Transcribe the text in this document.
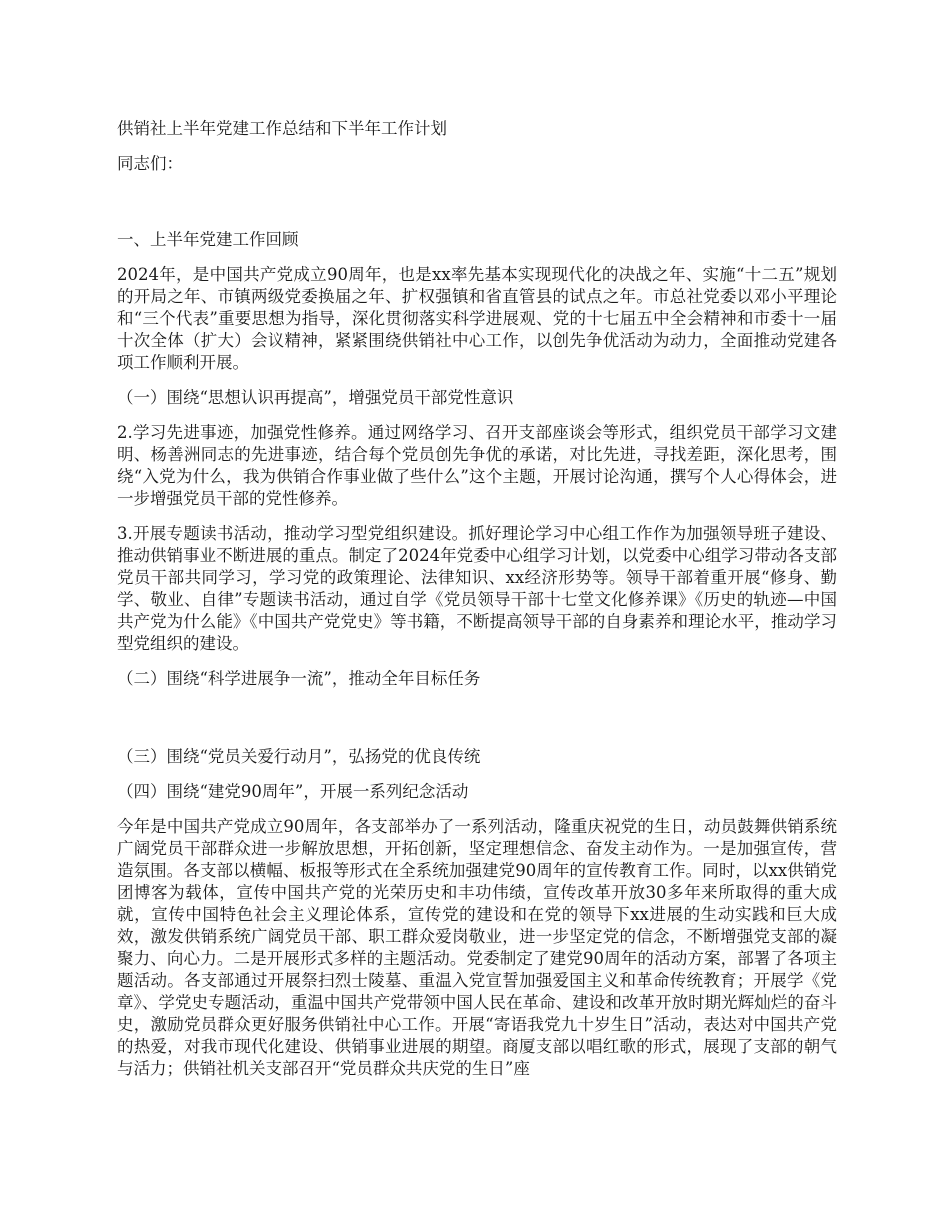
供销社上半年党建工作总结和下半年工作计划

同志们：

一、上半年党建工作回顾

2024年，是中国共产党成立90周年，也是xx率先基本实现现代化的决战之年、实施“十二五”规划的开局之年、市镇两级党委换届之年、扩权强镇和省直管县的试点之年。市总社党委以邓小平理论和“三个代表”重要思想为指导，深化贯彻落实科学进展观、党的十七届五中全会精神和市委十一届十次全体（扩大）会议精神，紧紧围绕供销社中心工作，以创先争优活动为动力，全面推动党建各项工作顺利开展。

（一）围绕“思想认识再提高”，增强党员干部党性意识

2.学习先进事迹，加强党性修养。通过网络学习、召开支部座谈会等形式，组织党员干部学习文建明、杨善洲同志的先进事迹，结合每个党员创先争优的承诺，对比先进，寻找差距，深化思考，围绕“入党为什么，我为供销合作事业做了些什么”这个主题，开展讨论沟通，撰写个人心得体会，进一步增强党员干部的党性修养。

3.开展专题读书活动，推动学习型党组织建设。抓好理论学习中心组工作作为加强领导班子建设、推动供销事业不断进展的重点。制定了2024年党委中心组学习计划，以党委中心组学习带动各支部党员干部共同学习，学习党的政策理论、法律知识、xx经济形势等。领导干部着重开展“修身、勤学、敬业、自律”专题读书活动，通过自学《党员领导干部十七堂文化修养课》《历史的轨迹—中国共产党为什么能》《中国共产党党史》等书籍，不断提高领导干部的自身素养和理论水平，推动学习型党组织的建设。

（二）围绕“科学进展争一流”，推动全年目标任务

（三）围绕“党员关爱行动月”，弘扬党的优良传统

（四）围绕“建党90周年”，开展一系列纪念活动

今年是中国共产党成立90周年，各支部举办了一系列活动，隆重庆祝党的生日，动员鼓舞供销系统广阔党员干部群众进一步解放思想，开拓创新，坚定理想信念、奋发主动作为。一是加强宣传，营造氛围。各支部以横幅、板报等形式在全系统加强建党90周年的宣传教育工作。同时，以xx供销党团博客为载体，宣传中国共产党的光荣历史和丰功伟绩，宣传改革开放30多年来所取得的重大成就，宣传中国特色社会主义理论体系，宣传党的建设和在党的领导下xx进展的生动实践和巨大成效，激发供销系统广阔党员干部、职工群众爱岗敬业，进一步坚定党的信念，不断增强党支部的凝聚力、向心力。二是开展形式多样的主题活动。党委制定了建党90周年的活动方案，部署了各项主题活动。各支部通过开展祭扫烈士陵墓、重温入党宣誓加强爱国主义和革命传统教育；开展学《党章》、学党史专题活动，重温中国共产党带领中国人民在革命、建设和改革开放时期光辉灿烂的奋斗史，激励党员群众更好服务供销社中心工作。开展“寄语我党九十岁生日”活动，表达对中国共产党的热爱，对我市现代化建设、供销事业进展的期望。商厦支部以唱红歌的形式，展现了支部的朝气与活力；供销社机关支部召开“党员群众共庆党的生日”座
